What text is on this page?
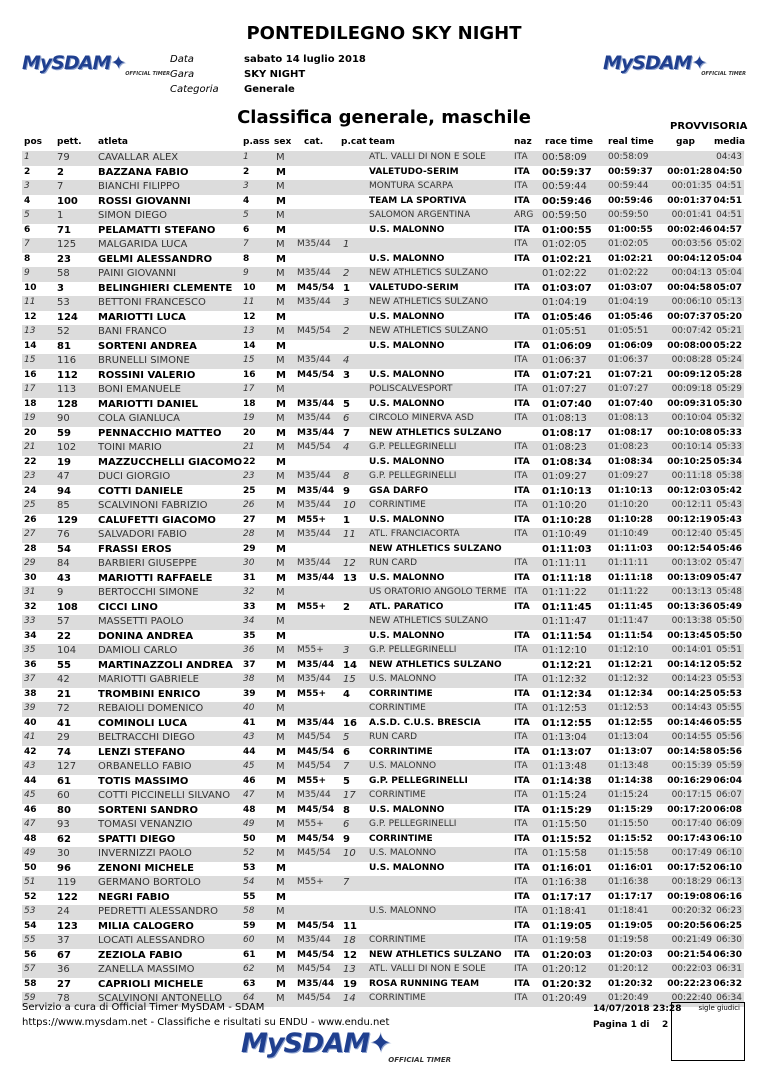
MySDAM✦ OFFICIAL TIMER	MySDAM✦
OFFICIAL TIMER
PONTEDILEGNO SKY NIGHT
Data	sabato 14 luglio 2018
Gara	SKY NIGHT
Categoria	Generale
Classifica generale, maschile	PROVVISORIA
pos pett. atleta	p.ass sex cat. p.cat team	naz race time real time gap media
1	79	CAVALLAR ALEX	1	M	ATL. VALLI DI NON E SOLE	ITA	00:58:09	00:58:09	04:43
2	2	BAZZANA FABIO	2	M	VALETUDO-SERIM	ITA	00:59:37	00:59:37	00:01:28 04:50
3	7	BIANCHI FILIPPO	3	M	MONTURA SCARPA	ITA	00:59:44	00:59:44	00:01:35 04:51
4	100	ROSSI GIOVANNI	4	M	TEAM LA SPORTIVA	ITA	00:59:46	00:59:46	00:01:37 04:51
5	1	SIMON DIEGO	5	M	SALOMON ARGENTINA	ARG 00:59:50	00:59:50	00:01:41 04:51
6	71	PELAMATTI STEFANO	6	M	U.S. MALONNO	ITA	01:00:55	01:00:55	00:02:46 04:57
7	125	MALGARIDA LUCA	7	M	M35/44	1	ITA	01:02:05	01:02:05	00:03:56 05:02
8	23	GELMI ALESSANDRO	8	M	U.S. MALONNO	ITA	01:02:21	01:02:21	00:04:12 05:04
9	58	PAINI GIOVANNI	9	M	M35/44	2	NEW ATHLETICS SULZANO	01:02:22	01:02:22	00:04:13 05:04
10	3	BELINGHIERI CLEMENTE	10	M M45/54 1	VALETUDO-SERIM	ITA	01:03:07	01:03:07	00:04:58 05:07
11	53	BETTONI FRANCESCO	11	M	M35/44	3	NEW ATHLETICS SULZANO	01:04:19	01:04:19	00:06:10 05:13
12	124	MARIOTTI LUCA	12	M	U.S. MALONNO	ITA	01:05:46	01:05:46	00:07:37 05:20
13	52	BANI FRANCO	13	M	M45/54	2	NEW ATHLETICS SULZANO	01:05:51	01:05:51	00:07:42 05:21
14	81	SORTENI ANDREA	14	M	U.S. MALONNO	ITA	01:06:09	01:06:09	00:08:00 05:22
15	116	BRUNELLI SIMONE	15	M	M35/44	4	ITA	01:06:37	01:06:37	00:08:28 05:24
16	112	ROSSINI VALERIO	16	M M45/54 3	U.S. MALONNO	ITA	01:07:21	01:07:21	00:09:12 05:28
17	113	BONI EMANUELE	17	M	POLISCALVESPORT	ITA	01:07:27	01:07:27	00:09:18 05:29
18	128	MARIOTTI DANIEL	18	M M35/44 5	U.S. MALONNO	ITA	01:07:40	01:07:40	00:09:31 05:30
19	90	COLA GIANLUCA	19	M	M35/44	6	CIRCOLO MINERVA ASD	ITA	01:08:13	01:08:13	00:10:04 05:32
20	59	PENNACCHIO MATTEO	20	M M35/44 7	NEW ATHLETICS SULZANO	01:08:17	01:08:17	00:10:08 05:33
21	102	TOINI MARIO	21	M	M45/54	4	G.P. PELLEGRINELLI	ITA	01:08:23	01:08:23	00:10:14 05:33
22	19	MAZZUCCHELLI GIACOMO 22	M	U.S. MALONNO	ITA	01:08:34	01:08:34	00:10:25 05:34
23	47	DUCI GIORGIO	23	M	M35/44	8	G.P. PELLEGRINELLI	ITA	01:09:27	01:09:27	00:11:18 05:38
24	94	COTTI DANIELE	25	M M35/44 9	GSA DARFO	ITA	01:10:13	01:10:13	00:12:03 05:42
25	85	SCALVINONI FABRIZIO	26	M	M35/44	10	CORRINTIME	ITA	01:10:20	01:10:20	00:12:11 05:43
26	129	CALUFETTI GIACOMO	27	M M55+	1	U.S. MALONNO	ITA	01:10:28	01:10:28	00:12:19 05:43
27	76	SALVADORI FABIO	28	M	M35/44	11	ATL. FRANCIACORTA	ITA	01:10:49	01:10:49	00:12:40 05:45
28	54	FRASSI EROS	29	M	NEW ATHLETICS SULZANO	01:11:03	01:11:03	00:12:54 05:46
29	84	BARBIERI GIUSEPPE	30	M	M35/44	12	RUN CARD	ITA	01:11:11	01:11:11	00:13:02 05:47
30	43	MARIOTTI RAFFAELE	31	M M35/44 13 U.S. MALONNO	ITA	01:11:18	01:11:18	00:13:09 05:47
31	9	BERTOCCHI SIMONE	32	M	US ORATORIO ANGOLO TERME ITA	01:11:22	01:11:22	00:13:13 05:48
32	108	CICCI LINO	33	M M55+	2	ATL. PARATICO	ITA	01:11:45	01:11:45	00:13:36 05:49
33	57	MASSETTI PAOLO	34	M	NEW ATHLETICS SULZANO	01:11:47	01:11:47	00:13:38 05:50
34	22	DONINA ANDREA	35	M	U.S. MALONNO	ITA	01:11:54	01:11:54	00:13:45 05:50
35	104	DAMIOLI CARLO	36	M	M55+	3	G.P. PELLEGRINELLI	ITA	01:12:10	01:12:10	00:14:01 05:51
36	55	MARTINAZZOLI ANDREA	37	M M35/44 14 NEW ATHLETICS SULZANO	01:12:21	01:12:21	00:14:12 05:52
37	42	MARIOTTI GABRIELE	38	M	M35/44	15	U.S. MALONNO	ITA	01:12:32	01:12:32	00:14:23 05:53
38	21	TROMBINI ENRICO	39	M M55+	4	CORRINTIME	ITA	01:12:34	01:12:34	00:14:25 05:53
39	72	REBAIOLI DOMENICO	40	M	CORRINTIME	ITA	01:12:53	01:12:53	00:14:43 05:55
40	41	COMINOLI LUCA	41	M M35/44 16 A.S.D. C.U.S. BRESCIA	ITA	01:12:55	01:12:55	00:14:46 05:55
41	29	BELTRACCHI DIEGO	43	M	M45/54	5	RUN CARD	ITA	01:13:04	01:13:04	00:14:55 05:56
42	74	LENZI STEFANO	44	M M45/54 6	CORRINTIME	ITA	01:13:07	01:13:07	00:14:58 05:56
43	127	ORBANELLO FABIO	45	M	M45/54	7	U.S. MALONNO	ITA	01:13:48	01:13:48	00:15:39 05:59
44	61	TOTIS MASSIMO	46	M M55+	5	G.P. PELLEGRINELLI	ITA	01:14:38	01:14:38	00:16:29 06:04
45	60	COTTI PICCINELLI SILVANO	47	M	M35/44	17	CORRINTIME	ITA	01:15:24	01:15:24	00:17:15 06:07
46	80	SORTENI SANDRO	48	M M45/54 8	U.S. MALONNO	ITA	01:15:29	01:15:29	00:17:20 06:08
47	93	TOMASI VENANZIO	49	M	M55+	6	G.P. PELLEGRINELLI	ITA	01:15:50	01:15:50	00:17:40 06:09
48	62	SPATTI DIEGO	50	M M45/54 9	CORRINTIME	ITA	01:15:52	01:15:52	00:17:43 06:10
49	30	INVERNIZZI PAOLO	52	M	M45/54	10	U.S. MALONNO	ITA	01:15:58	01:15:58	00:17:49 06:10
50	96	ZENONI MICHELE	53	M	U.S. MALONNO	ITA	01:16:01	01:16:01	00:17:52 06:10
51	119	GERMANO BORTOLO	54	M	M55+	7	ITA	01:16:38	01:16:38	00:18:29 06:13
52	122	NEGRI FABIO	55	M	ITA	01:17:17	01:17:17	00:19:08 06:16
53	24	PEDRETTI ALESSANDRO	58	M	U.S. MALONNO	ITA	01:18:41	01:18:41	00:20:32 06:23
54	123	MILIA CALOGERO	59	M M45/54 11	ITA	01:19:05	01:19:05	00:20:56 06:25
55	37	LOCATI ALESSANDRO	60	M	M35/44	18	CORRINTIME	ITA	01:19:58	01:19:58	00:21:49 06:30
56	67	ZEZIOLA FABIO	61	M M45/54 12 NEW ATHLETICS SULZANO	ITA	01:20:03	01:20:03	00:21:54 06:30
57	36	ZANELLA MASSIMO	62	M	M45/54	13	ATL. VALLI DI NON E SOLE	ITA	01:20:12	01:20:12	00:22:03 06:31
58	27	CAPRIOLI MICHELE	63	M M35/44 19 ROSA RUNNING TEAM	ITA	01:20:32	01:20:32	00:22:23 06:32
59	78	SCALVINONI ANTONELLO	64	M	M45/54	14	CORRINTIME	ITA	01:20:49	01:20:49	00:22:40 06:34
Servizio a cura di Official Timer MySDAM - SDAM
https://www.mysdam.net - Classifiche e risultati su ENDU - www.endu.net
14/07/2018 23:28
Pagina 1 di 2
sigle giudici
MySDAM✦
OFFICIAL TIMER
